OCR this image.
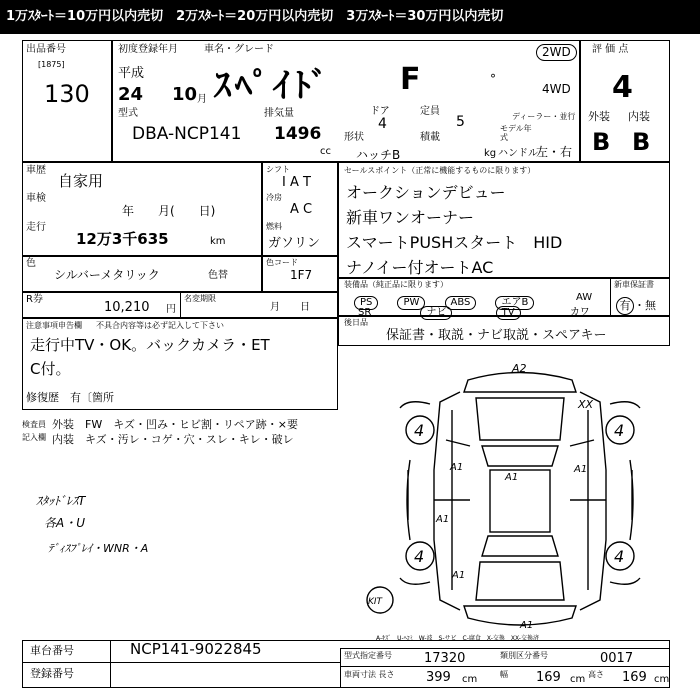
1万ｽﾀｰﾄ＝10万円以内売切　2万ｽﾀｰﾄ＝20万円以内売切　3万ｽﾀｰﾄ＝30万円以内売切
出品番号
[1875]
130
初度登録年月	車名・グレード
平成
24 10 月 ｽﾍﾟｲﾄﾞ F	°
2WD
4WD
ディーラー・並行
型式
DBA-NCP141
排気量
1496
cc
ドア
4
形状
ハッチB
定員
5
積載
kg
モデル年式
ハンドル
左・右
評 価 点
4
外装 内装
B B
車歴
自家用
車検
年　　月(　　日)
走行
12万3千635	km
シフト
I A T
冷房
A C
燃料
ガソリン
色
シルバーメタリック	色替
色コード
1F7
R券
10,210 円
名変期限
月　　日
セールスポイント（正常に機能するものに限ります）
オークションデビュー
新車ワンオーナー
スマートPUSHスタート　HID
ナノイー付オートAC
装備品（純正品に限ります）
PS	PW	ABS	エアB
SR	ナビ	TV	カワ
AW
新車保証書
有 ・無
後日品
保証書・取説・ナビ取説・スペアキー
注意事項申告欄 不具合内容等は必ず記入して下さい
走行中TV・OK。バックカメラ・ET
C付。
修復歴 有〔箇所
検査員
記入欄
外装　FW　キズ・凹み・ヒビ割・リペア跡・×要
内装　キズ・汚レ・コゲ・穴・スレ・キレ・破レ
ｽﾀｯﾄﾞﾚｽT
各A・U
ﾃﾞｨｽﾌﾟﾚｲ・WNR・A
A2
XX
4	4
A1
A1
A1
A1
4	4
A1
KIT
A1
A-ｷｽﾞ　U-ﾍｺﾐ　W-波　S-サビ　C-腐食　X-交換　XX-交換済
車台番号	NCP141-9022845
登録番号
型式指定番号 17320	類別区分番号	0017
車両寸法 長さ 399 cm	幅 169 cm 高さ 169 cm
